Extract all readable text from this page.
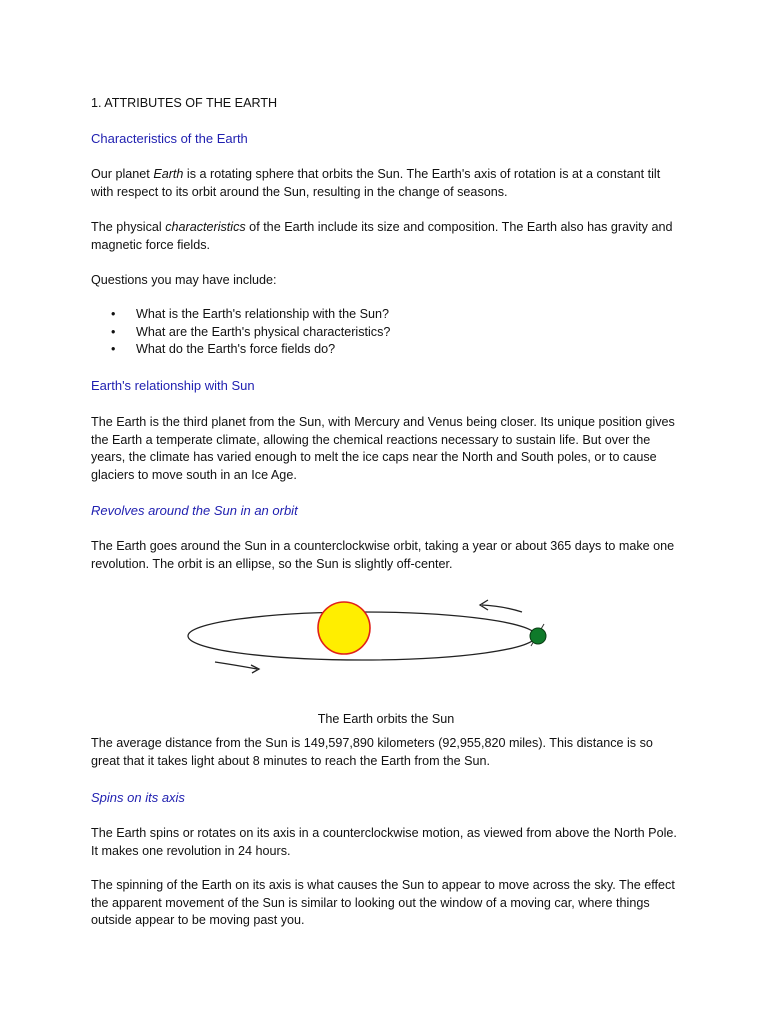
1. ATTRIBUTES OF THE EARTH

Characteristics of the Earth

Our planet Earth is a rotating sphere that orbits the Sun. The Earth's axis of rotation is at a constant tilt with respect to its orbit around the Sun, resulting in the change of seasons.

The physical characteristics of the Earth include its size and composition. The Earth also has gravity and magnetic force fields.

Questions you may have include:

• What is the Earth's relationship with the Sun?
• What are the Earth's physical characteristics?
• What do the Earth's force fields do?

Earth's relationship with Sun

The Earth is the third planet from the Sun, with Mercury and Venus being closer. Its unique position gives the Earth a temperate climate, allowing the chemical reactions necessary to sustain life. But over the years, the climate has varied enough to melt the ice caps near the North and South poles, or to cause glaciers to move south in an Ice Age.

Revolves around the Sun in an orbit

The Earth goes around the Sun in a counterclockwise orbit, taking a year or about 365 days to make one revolution. The orbit is an ellipse, so the Sun is slightly off-center.

The Earth orbits the Sun

The average distance from the Sun is 149,597,890 kilometers (92,955,820 miles). This distance is so great that it takes light about 8 minutes to reach the Earth from the Sun.

Spins on its axis

The Earth spins or rotates on its axis in a counterclockwise motion, as viewed from above the North Pole. It makes one revolution in 24 hours.

The spinning of the Earth on its axis is what causes the Sun to appear to move across the sky. The effect the apparent movement of the Sun is similar to looking out the window of a moving car, where things outside appear to be moving past you.
